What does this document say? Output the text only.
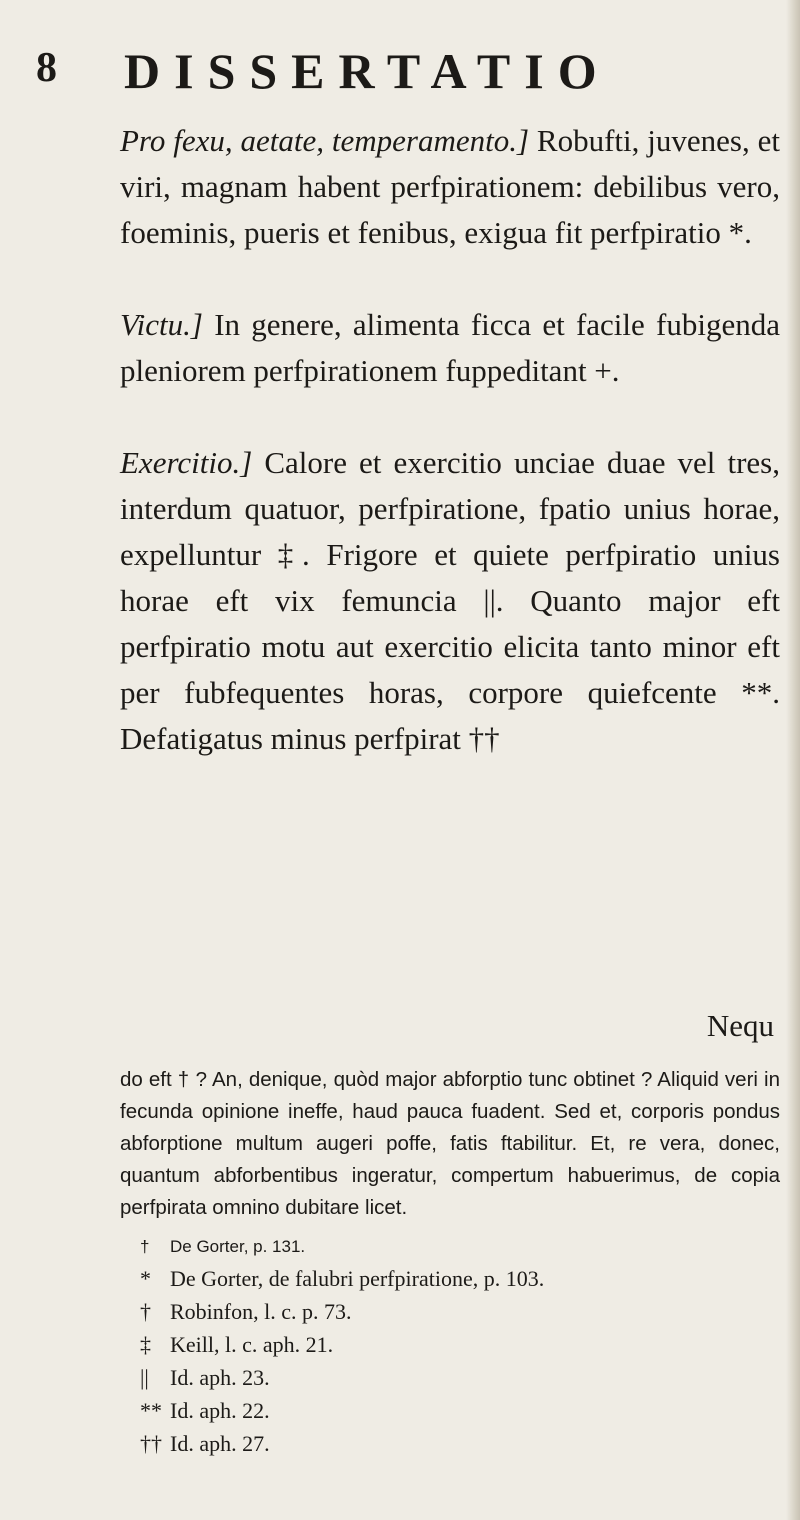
8 DISSERTATIO

Pro fexu, aetate, temperamento.] Robufti, juvenes, et viri, magnam habent perfpirationem: debilibus vero, foeminis, pueris et fenibus, exigua fit perfpiratio *.

Victu.] In genere, alimenta ficca et facile fubigenda pleniorem perfpirationem fuppeditant +.

Exercitio.] Calore et exercitio unciae duae vel tres, interdum quatuor, perfpiratione, fpatio unius horae, expelluntur ‡. Frigore et quiete perfpiratio unius horae eft vix femuncia ||. Quanto major eft perfpiratio motu aut exercitio elicita tanto minor eft per fubfequentes horas, corpore quiefcente **. Defatigatus minus perfpirat ††

Nequ

do eft † ? An, denique, quòd major abforptio tunc obtinet ? Aliquid veri in fecunda opinione ineffe, haud pauca fuadent. Sed et, corporis pondus abforptione multum augeri poffe, fatis ftabilitur. Et, re vera, donec, quantum abforbentibus ingeratur, compertum habuerimus, de copia perfpirata omnino dubitare licet.

† De Gorter, p. 131.
* De Gorter, de falubri perfpiratione, p. 103.
† Robinfon, l. c. p. 73.
‡ Keill, l. c. aph. 21.
|| Id. aph. 23.
** Id. aph. 22.
†† Id. aph. 27.
